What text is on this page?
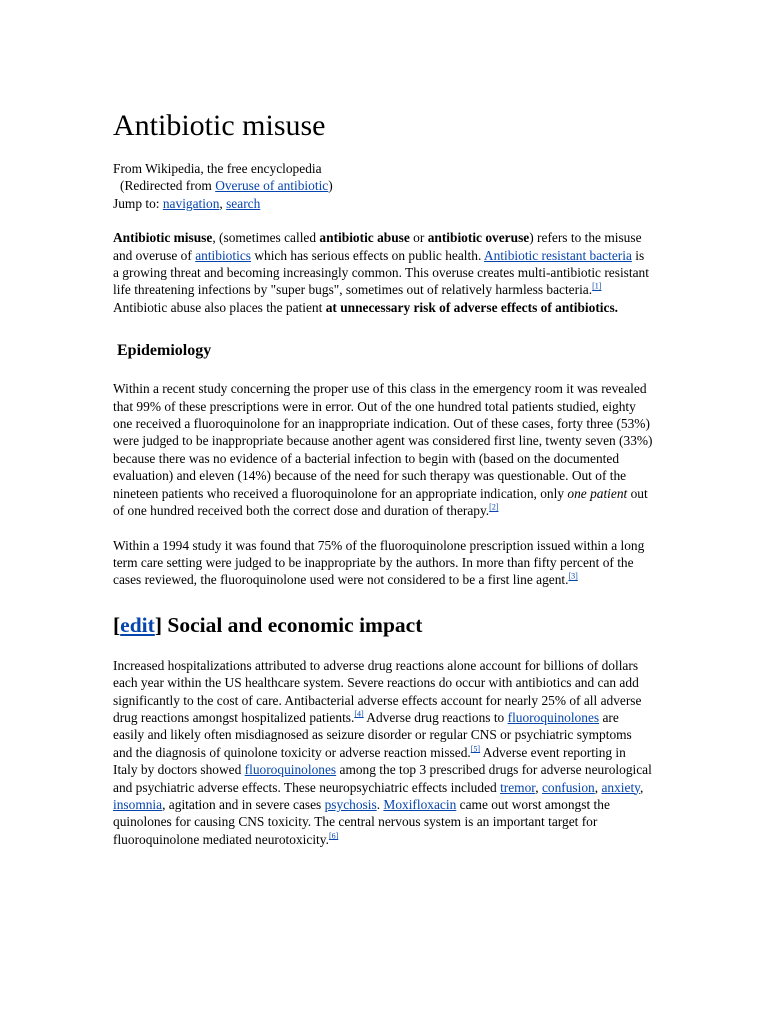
Antibiotic misuse

From Wikipedia, the free encyclopedia

(Redirected from Overuse of antibiotic)

Jump to: navigation, search

Antibiotic misuse, (sometimes called antibiotic abuse or antibiotic overuse) refers to the misuse and overuse of antibiotics which has serious effects on public health. Antibiotic resistant bacteria is a growing threat and becoming increasingly common. This overuse creates multi-antibiotic resistant life threatening infections by "super bugs", sometimes out of relatively harmless bacteria.[1] Antibiotic abuse also places the patient at unnecessary risk of adverse effects of antibiotics.

Epidemiology

Within a recent study concerning the proper use of this class in the emergency room it was revealed that 99% of these prescriptions were in error. Out of the one hundred total patients studied, eighty one received a fluoroquinolone for an inappropriate indication. Out of these cases, forty three (53%) were judged to be inappropriate because another agent was considered first line, twenty seven (33%) because there was no evidence of a bacterial infection to begin with (based on the documented evaluation) and eleven (14%) because of the need for such therapy was questionable. Out of the nineteen patients who received a fluoroquinolone for an appropriate indication, only one patient out of one hundred received both the correct dose and duration of therapy.[2]

Within a 1994 study it was found that 75% of the fluoroquinolone prescription issued within a long term care setting were judged to be inappropriate by the authors. In more than fifty percent of the cases reviewed, the fluoroquinolone used were not considered to be a first line agent.[3]

[edit] Social and economic impact

Increased hospitalizations attributed to adverse drug reactions alone account for billions of dollars each year within the US healthcare system. Severe reactions do occur with antibiotics and can add significantly to the cost of care. Antibacterial adverse effects account for nearly 25% of all adverse drug reactions amongst hospitalized patients.[4] Adverse drug reactions to fluoroquinolones are easily and likely often misdiagnosed as seizure disorder or regular CNS or psychiatric symptoms and the diagnosis of quinolone toxicity or adverse reaction missed.[5] Adverse event reporting in Italy by doctors showed fluoroquinolones among the top 3 prescribed drugs for adverse neurological and psychiatric adverse effects. These neuropsychiatric effects included tremor, confusion, anxiety, insomnia, agitation and in severe cases psychosis. Moxifloxacin came out worst amongst the quinolones for causing CNS toxicity. The central nervous system is an important target for fluoroquinolone mediated neurotoxicity.[6]
